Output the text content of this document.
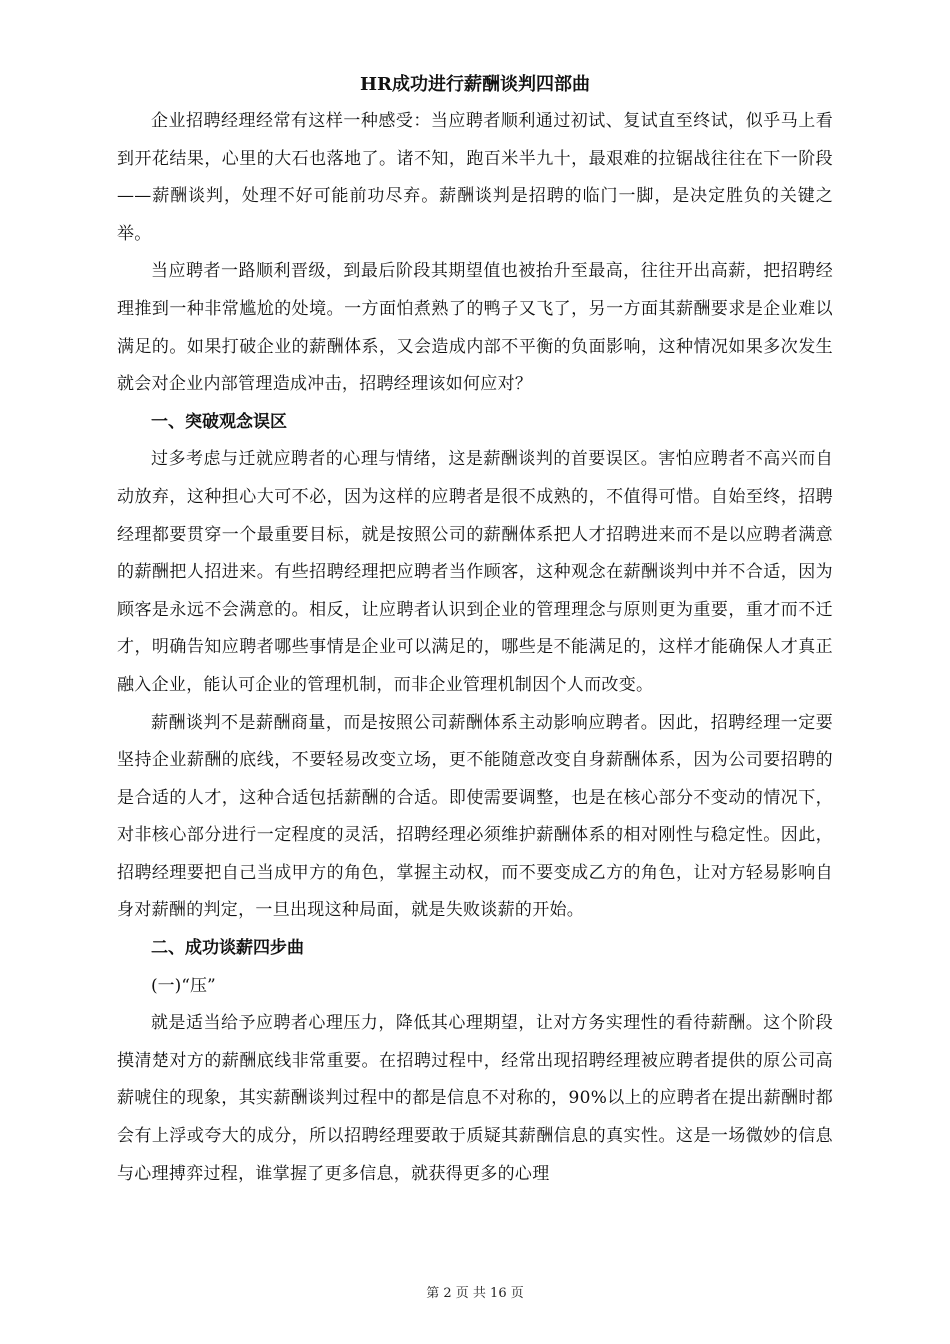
HR成功进行薪酬谈判四部曲

企业招聘经理经常有这样一种感受：当应聘者顺利通过初试、复试直至终试，似乎马上看到开花结果，心里的大石也落地了。诸不知，跑百米半九十，最艰难的拉锯战往往在下一阶段——薪酬谈判，处理不好可能前功尽弃。薪酬谈判是招聘的临门一脚，是决定胜负的关键之举。

当应聘者一路顺利晋级，到最后阶段其期望值也被抬升至最高，往往开出高薪，把招聘经理推到一种非常尴尬的处境。一方面怕煮熟了的鸭子又飞了，另一方面其薪酬要求是企业难以满足的。如果打破企业的薪酬体系，又会造成内部不平衡的负面影响，这种情况如果多次发生就会对企业内部管理造成冲击，招聘经理该如何应对？

一、突破观念误区

过多考虑与迁就应聘者的心理与情绪，这是薪酬谈判的首要误区。害怕应聘者不高兴而自动放弃，这种担心大可不必，因为这样的应聘者是很不成熟的，不值得可惜。自始至终，招聘经理都要贯穿一个最重要目标，就是按照公司的薪酬体系把人才招聘进来而不是以应聘者满意的薪酬把人招进来。有些招聘经理把应聘者当作顾客，这种观念在薪酬谈判中并不合适，因为顾客是永远不会满意的。相反，让应聘者认识到企业的管理理念与原则更为重要，重才而不迁才，明确告知应聘者哪些事情是企业可以满足的，哪些是不能满足的，这样才能确保人才真正融入企业，能认可企业的管理机制，而非企业管理机制因个人而改变。

薪酬谈判不是薪酬商量，而是按照公司薪酬体系主动影响应聘者。因此，招聘经理一定要坚持企业薪酬的底线，不要轻易改变立场，更不能随意改变自身薪酬体系，因为公司要招聘的是合适的人才，这种合适包括薪酬的合适。即使需要调整，也是在核心部分不变动的情况下，对非核心部分进行一定程度的灵活，招聘经理必须维护薪酬体系的相对刚性与稳定性。因此，招聘经理要把自己当成甲方的角色，掌握主动权，而不要变成乙方的角色，让对方轻易影响自身对薪酬的判定，一旦出现这种局面，就是失败谈薪的开始。

二、成功谈薪四步曲

(一)“压”

就是适当给予应聘者心理压力，降低其心理期望，让对方务实理性的看待薪酬。这个阶段摸清楚对方的薪酬底线非常重要。在招聘过程中，经常出现招聘经理被应聘者提供的原公司高薪唬住的现象，其实薪酬谈判过程中的都是信息不对称的，90%以上的应聘者在提出薪酬时都会有上浮或夸大的成分，所以招聘经理要敢于质疑其薪酬信息的真实性。这是一场微妙的信息与心理搏弈过程，谁掌握了更多信息，就获得更多的心理

第 2 页 共 16 页
